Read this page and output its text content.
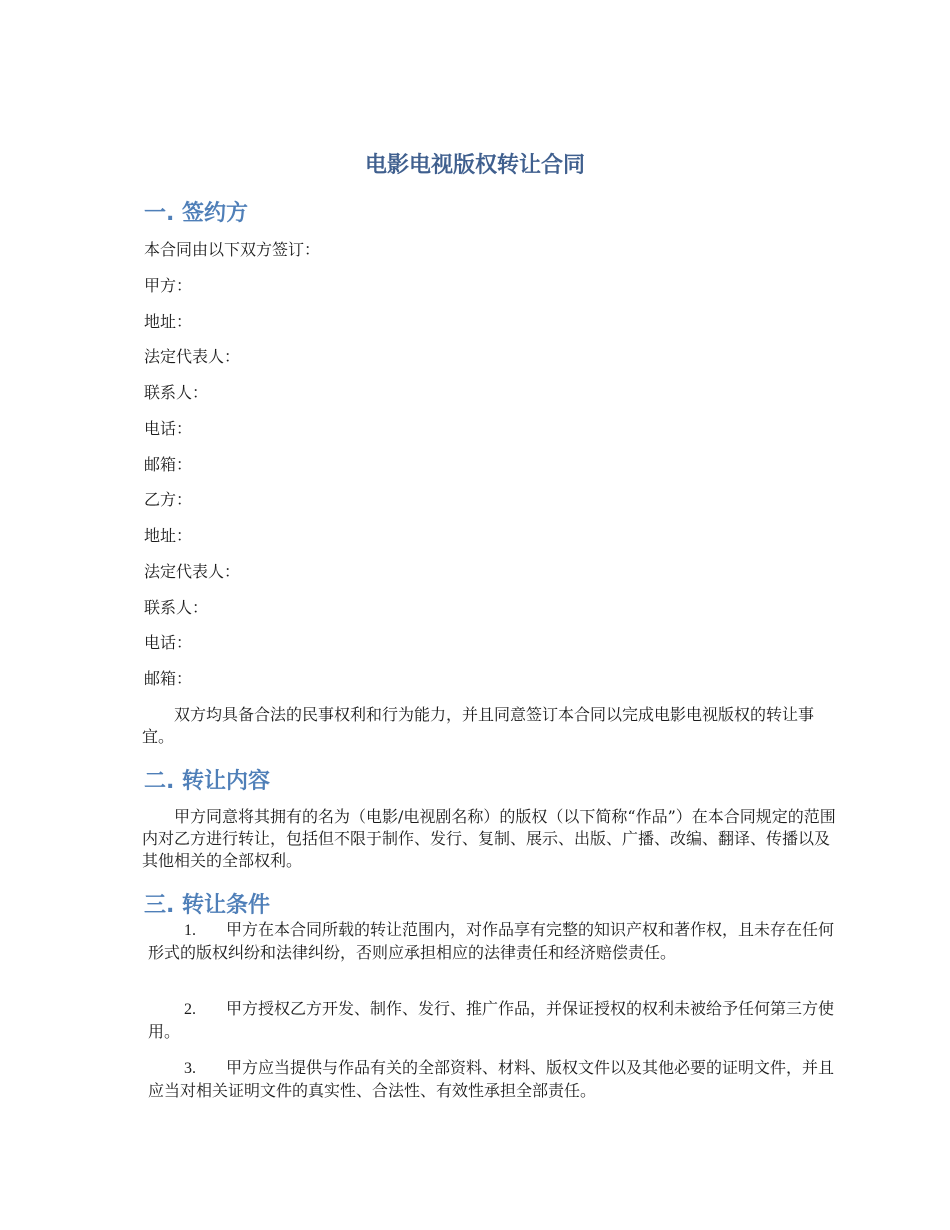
电影电视版权转让合同
一. 签约方

本合同由以下双方签订：

甲方：

地址：

法定代表人：

联系人：

电话：

邮箱：

乙方：

地址：

法定代表人：

联系人：

电话：

邮箱：

双方均具备合法的民事权利和行为能力，并且同意签订本合同以完成电影电视版权的转让事宜。

二. 转让内容

甲方同意将其拥有的名为（电影/电视剧名称）的版权（以下简称“作品”）在本合同规定的范围内对乙方进行转让，包括但不限于制作、发行、复制、展示、出版、广播、改编、翻译、传播以及其他相关的全部权利。

三. 转让条件

1. 甲方在本合同所载的转让范围内，对作品享有完整的知识产权和著作权，且未存在任何形式的版权纠纷和法律纠纷，否则应承担相应的法律责任和经济赔偿责任。

2. 甲方授权乙方开发、制作、发行、推广作品，并保证授权的权利未被给予任何第三方使用。

3. 甲方应当提供与作品有关的全部资料、材料、版权文件以及其他必要的证明文件，并且应当对相关证明文件的真实性、合法性、有效性承担全部责任。
